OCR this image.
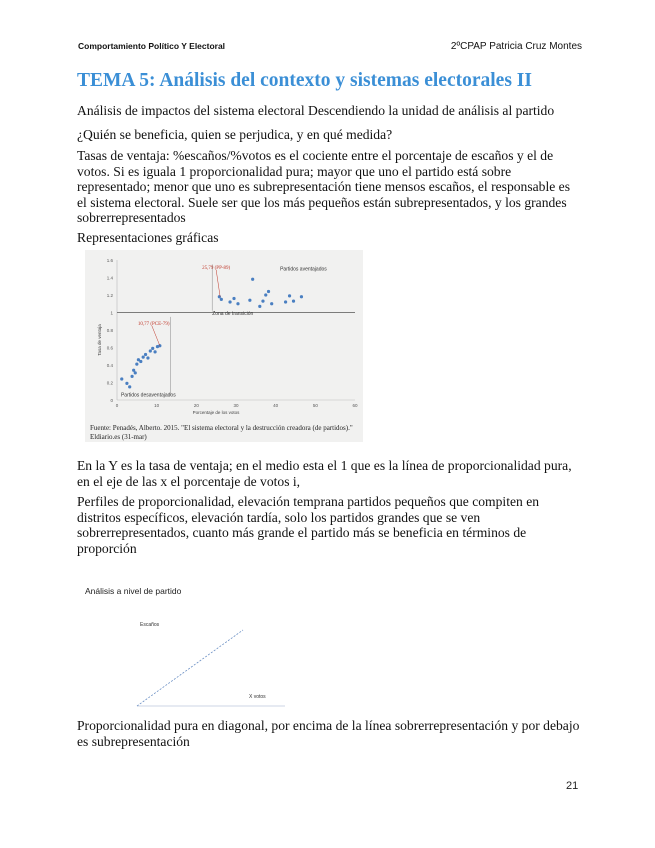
Comportamiento Político Y Electoral	2ºCPAP Patricia Cruz Montes
TEMA 5: Análisis del contexto y sistemas electorales II
Análisis de impactos del sistema electoral Descendiendo la unidad de análisis al partido
¿Quién se beneficia, quien se perjudica, y en qué medida?
Tasas de ventaja: %escaños/%votos es el cociente entre el porcentaje de escaños y el de votos. Si es iguala 1 proporcionalidad pura; mayor que uno el partido está sobre representado; menor que uno es subrepresentación tiene mensos escaños, el responsable es el sistema electoral. Suele ser que los más pequeños están subrepresentados, y los grandes sobrerrepresentados
Representaciones gráficas
0
0.2
0.4
0.6
0.8
1
1.2
1.4
1.6
0	10	20	30	40	50	60
Porcentaje de los votos
Tasa de ventaja
Partidos aventajados
Zona de transición
Partidos desaventajados
25,79 (PP-89)
10,77 (PCE-79)
Fuente: Penadés, Alberto. 2015. "El sistema electoral y la destrucción creadora (de partidos)." Eldiario.es (31-mar)
En la Y es la tasa de ventaja; en el medio esta el 1 que es la línea de proporcionalidad pura, en el eje de las x el porcentaje de votos i,
Perfiles de proporcionalidad, elevación temprana partidos pequeños que compiten en distritos específicos, elevación tardía, solo los partidos grandes que se ven sobrerrepresentados, cuanto más grande el partido más se beneficia en términos de proporción
Análisis a nivel de partido
Escaños
X votos
Proporcionalidad pura en diagonal, por encima de la línea sobrerrepresentación y por debajo es subrepresentación
21
